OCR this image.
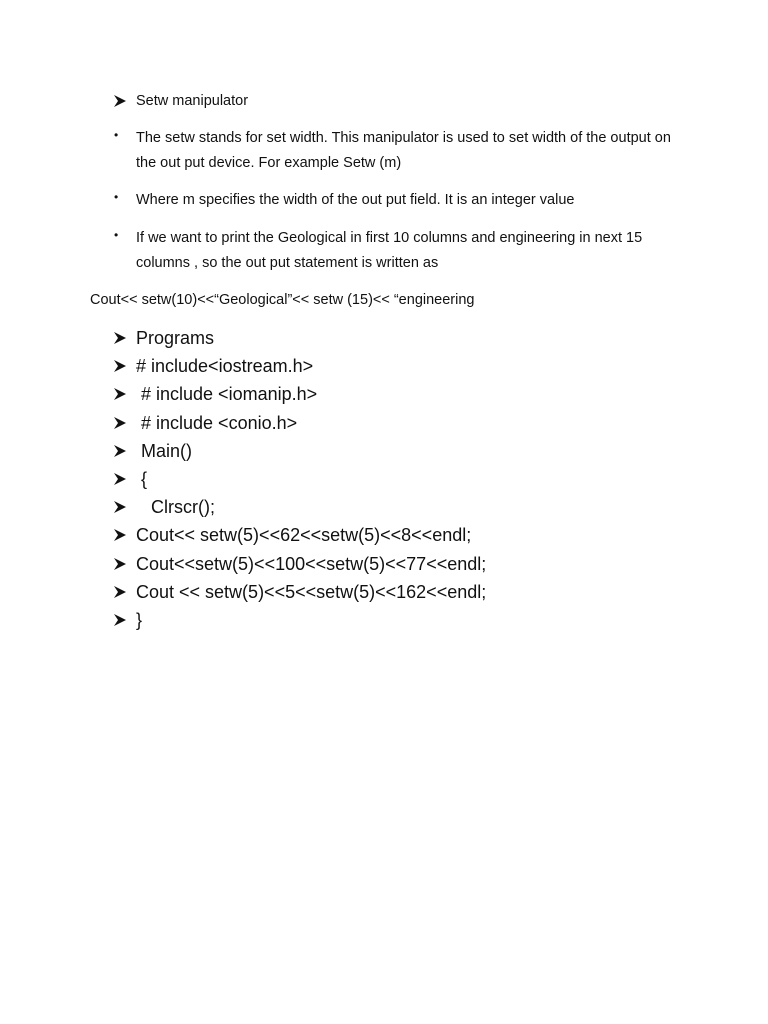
Setw manipulator
• The setw stands for set width. This manipulator is used to set width of the output on the out put device. For example Setw (m)
• Where m specifies the width of the out put field. It is an integer value
• If we want to print the Geological in first 10 columns and engineering in next 15 columns , so the out put statement is written as
Cout<< setw(10)<<“Geological”<< setw (15)<< “engineering
Programs
# include<iostream.h>
# include <iomanip.h>
# include <conio.h>
Main()
{
Clrscr();
Cout<< setw(5)<<62<<setw(5)<<8<<endl;
Cout<<setw(5)<<100<<setw(5)<<77<<endl;
Cout << setw(5)<<5<<setw(5)<<162<<endl;
}
